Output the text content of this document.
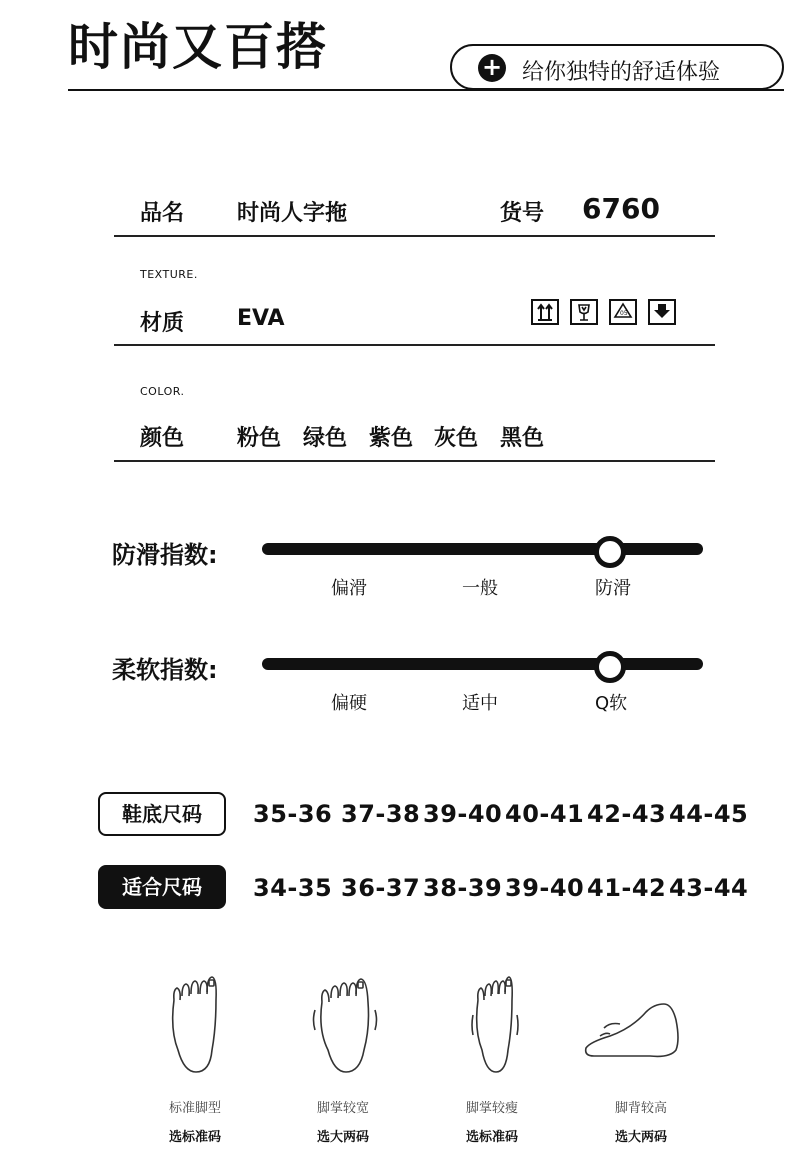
时尚又百搭	+ 给你独特的舒适体验
品名 时尚人字拖	货号 6760
TEXTURE.
材质 EVA	05
COLOR.
颜色 粉色 绿色 紫色 灰色 黑色
防滑指数:
偏滑	一般	防滑
柔软指数:
偏硬	适中	Q软
鞋底尺码	35-36 37-38 39-40 40-41 42-43 44-45
适合尺码	34-35 36-37 38-39 39-40 41-42 43-44
标准脚型
选标准码
脚掌较宽
选大两码
脚掌较瘦
选标准码
脚背较高
选大两码
